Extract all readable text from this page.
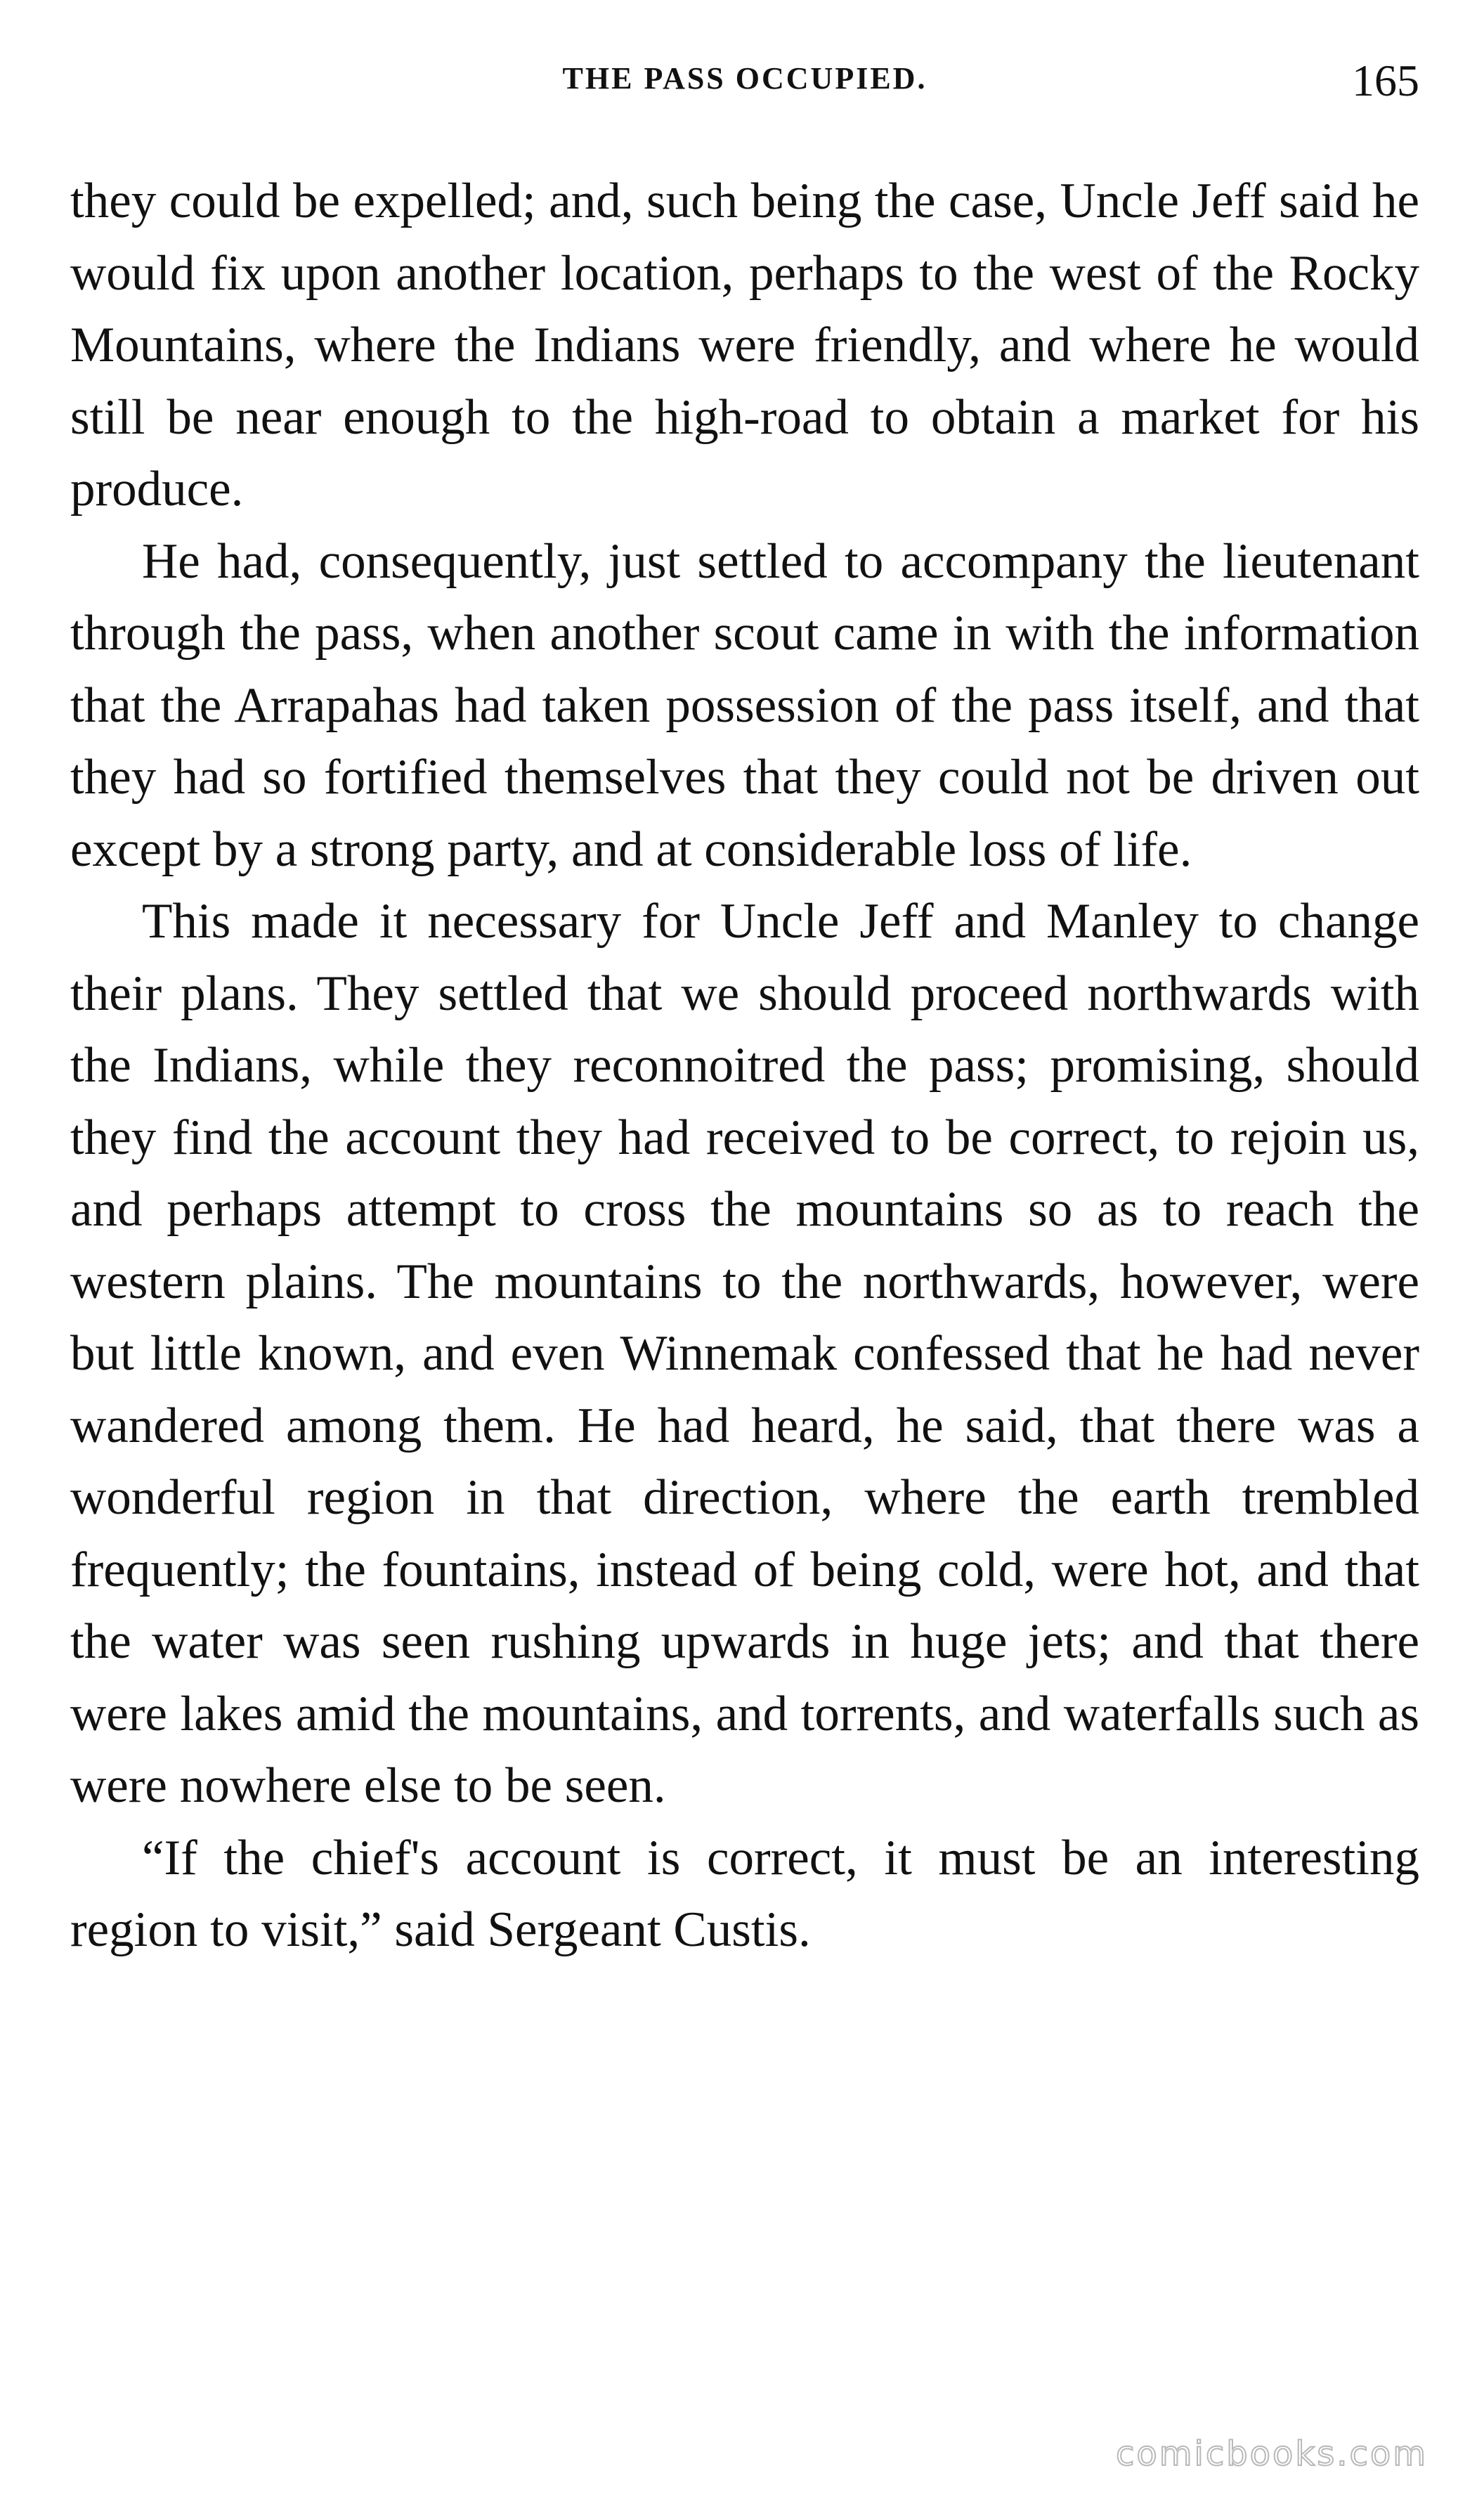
THE PASS OCCUPIED.	165

they could be expelled; and, such being the case, Uncle Jeff said he would fix upon another location, perhaps to the west of the Rocky Mountains, where the Indians were friendly, and where he would still be near enough to the high-road to obtain a market for his produce.

He had, consequently, just settled to accompany the lieutenant through the pass, when another scout came in with the information that the Arrapahas had taken possession of the pass itself, and that they had so fortified themselves that they could not be driven out except by a strong party, and at considerable loss of life.

This made it necessary for Uncle Jeff and Manley to change their plans. They settled that we should proceed northwards with the Indians, while they reconnoitred the pass; promising, should they find the account they had received to be correct, to rejoin us, and perhaps attempt to cross the mountains so as to reach the western plains. The mountains to the northwards, however, were but little known, and even Winnemak confessed that he had never wandered among them. He had heard, he said, that there was a wonderful region in that direction, where the earth trembled frequently; the fountains, instead of being cold, were hot, and that the water was seen rushing upwards in huge jets; and that there were lakes amid the mountains, and torrents, and waterfalls such as were nowhere else to be seen.

“If the chief's account is correct, it must be an interesting region to visit,” said Sergeant Custis.

comicbooks.com
